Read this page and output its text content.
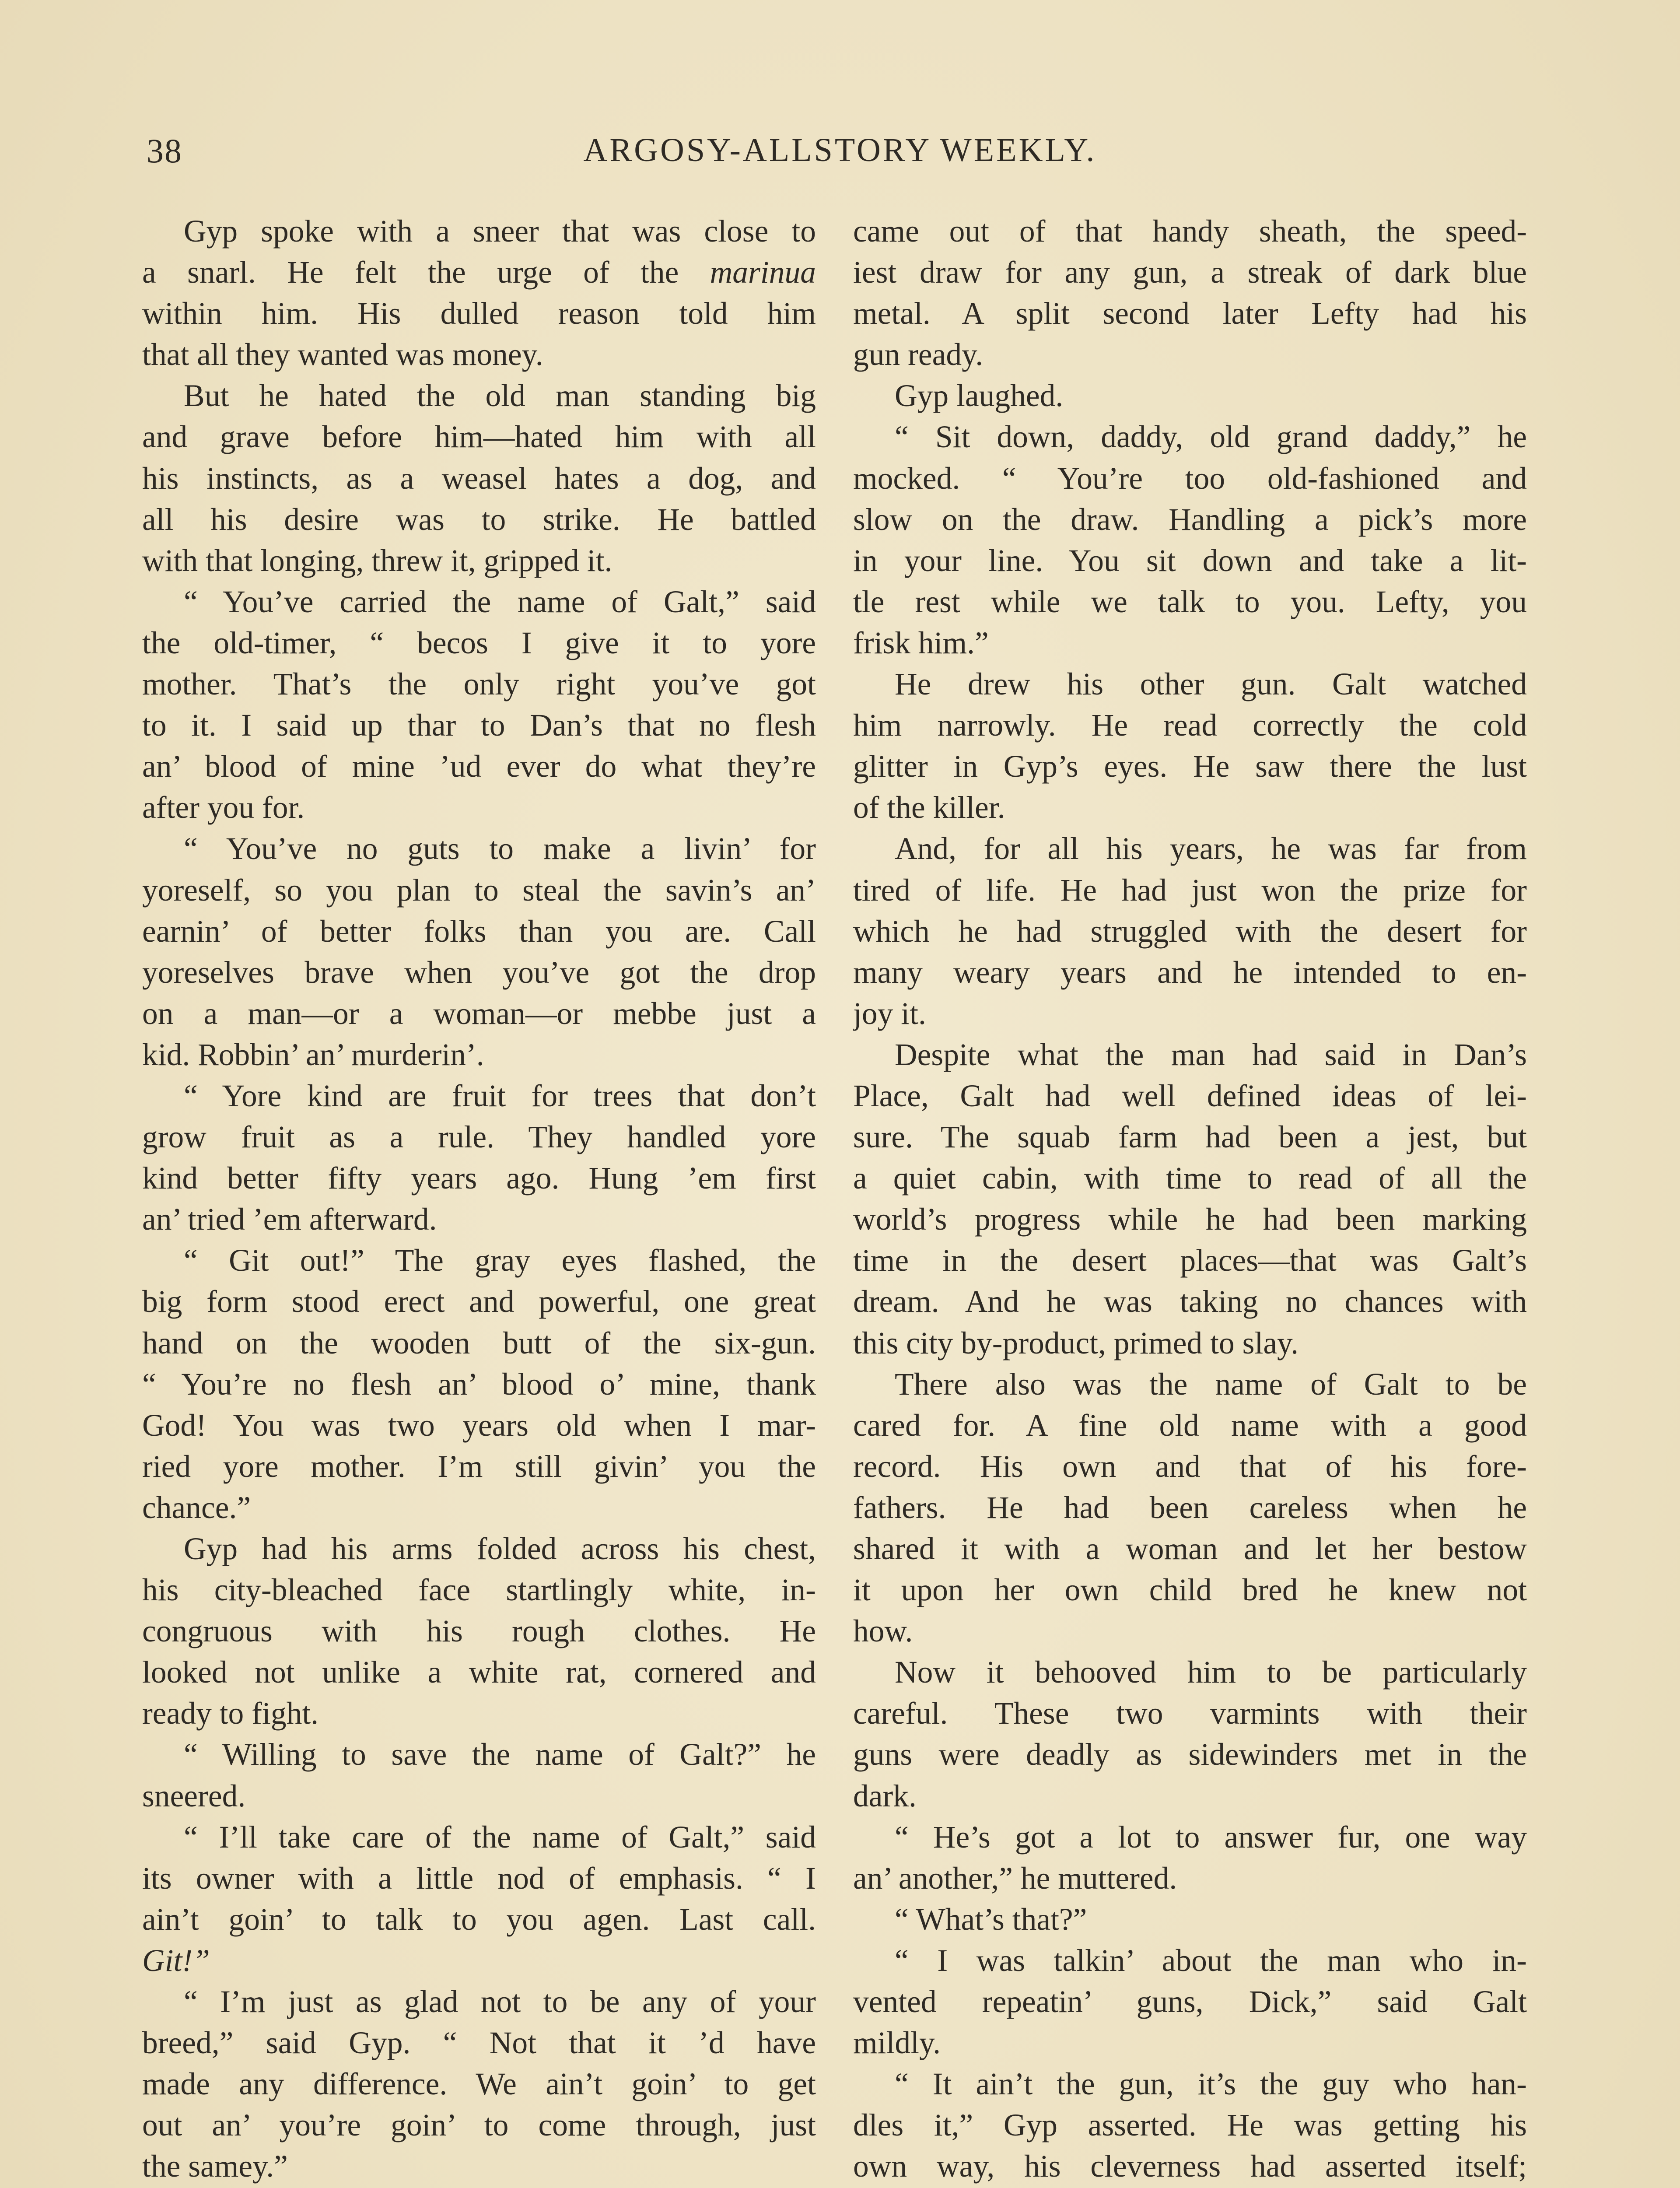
38	ARGOSY-ALLSTORY WEEKLY.
Gyp spoke with a sneer that was close to
a snarl. He felt the urge of the marinua
within him. His dulled reason told him
that all they wanted was money.
But he hated the old man standing big
and grave before him—hated him with all
his instincts, as a weasel hates a dog, and
all his desire was to strike. He battled
with that longing, threw it, gripped it.
“ You’ve carried the name of Galt,” said
the old-timer, “ becos I give it to yore
mother. That’s the only right you’ve got
to it. I said up thar to Dan’s that no flesh
an’ blood of mine ’ud ever do what they’re
after you for.
“ You’ve no guts to make a livin’ for
yoreself, so you plan to steal the savin’s an’
earnin’ of better folks than you are. Call
yoreselves brave when you’ve got the drop
on a man—or a woman—or mebbe just a
kid. Robbin’ an’ murderin’.
“ Yore kind are fruit for trees that don’t
grow fruit as a rule. They handled yore
kind better fifty years ago. Hung ’em first
an’ tried ’em afterward.
“ Git out!” The gray eyes flashed, the
big form stood erect and powerful, one great
hand on the wooden butt of the six-gun.
“ You’re no flesh an’ blood o’ mine, thank
God! You was two years old when I mar-
ried yore mother. I’m still givin’ you the
chance.”
Gyp had his arms folded across his chest,
his city-bleached face startlingly white, in-
congruous with his rough clothes. He
looked not unlike a white rat, cornered and
ready to fight.
“ Willing to save the name of Galt?” he
sneered.
“ I’ll take care of the name of Galt,” said
its owner with a little nod of emphasis. “ I
ain’t goin’ to talk to you agen. Last call.
Git!”
“ I’m just as glad not to be any of your
breed,” said Gyp. “ Not that it ’d have
made any difference. We ain’t goin’ to get
out an’ you’re goin’ to come through, just
the samey.”
came out of that handy sheath, the speed-
iest draw for any gun, a streak of dark blue
metal. A split second later Lefty had his
gun ready.
Gyp laughed.
“ Sit down, daddy, old grand daddy,” he
mocked. “ You’re too old-fashioned and
slow on the draw. Handling a pick’s more
in your line. You sit down and take a lit-
tle rest while we talk to you. Lefty, you
frisk him.”
He drew his other gun. Galt watched
him narrowly. He read correctly the cold
glitter in Gyp’s eyes. He saw there the lust
of the killer.
And, for all his years, he was far from
tired of life. He had just won the prize for
which he had struggled with the desert for
many weary years and he intended to en-
joy it.
Despite what the man had said in Dan’s
Place, Galt had well defined ideas of lei-
sure. The squab farm had been a jest, but
a quiet cabin, with time to read of all the
world’s progress while he had been marking
time in the desert places—that was Galt’s
dream. And he was taking no chances with
this city by-product, primed to slay.
There also was the name of Galt to be
cared for. A fine old name with a good
record. His own and that of his fore-
fathers. He had been careless when he
shared it with a woman and let her bestow
it upon her own child bred he knew not
how.
Now it behooved him to be particularly
careful. These two varmints with their
guns were deadly as sidewinders met in the
dark.
“ He’s got a lot to answer fur, one way
an’ another,” he muttered.
“ What’s that?”
“ I was talkin’ about the man who in-
vented repeatin’ guns, Dick,” said Galt
mildly.
“ It ain’t the gun, it’s the guy who han-
dles it,” Gyp asserted. He was getting his
own way, his cleverness had asserted itself;
